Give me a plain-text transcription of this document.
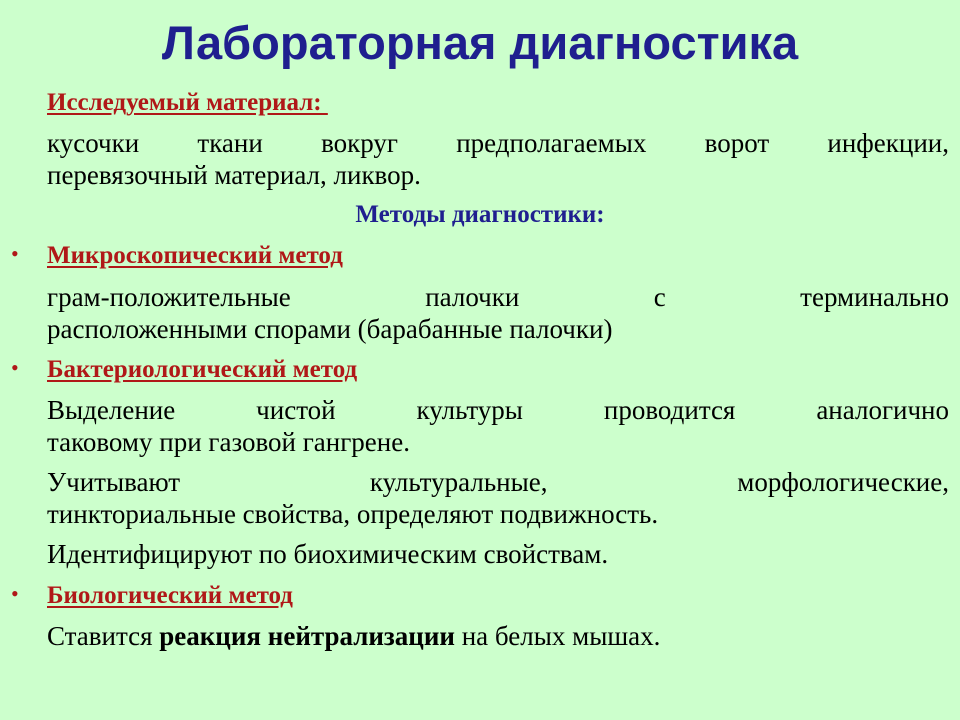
Лабораторная диагностика
Исследуемый материал:
кусочки ткани вокруг предполагаемых ворот инфекции,
перевязочный материал, ликвор.
Методы диагностики:
• Микроскопический метод
грам-положительные палочки с терминально
расположенными спорами (барабанные палочки)
• Бактериологический метод
Выделение чистой культуры проводится аналогично
таковому при газовой гангрене.
Учитывают культуральные, морфологические,
тинкториальные свойства, определяют подвижность.
Идентифицируют по биохимическим свойствам.
• Биологический метод
Ставится реакция нейтрализации на белых мышах.
